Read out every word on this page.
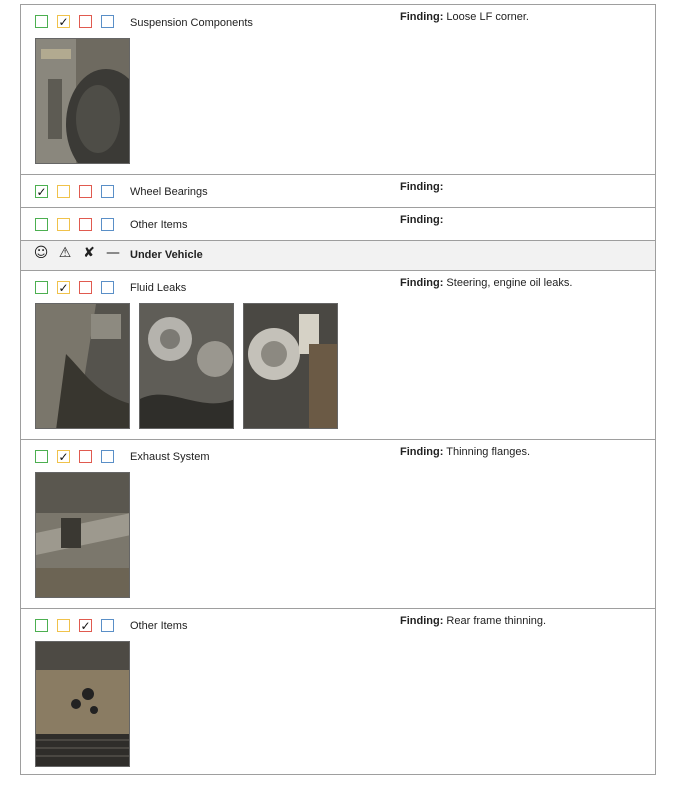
✓	Suspension Components	Finding: Loose LF corner.
✓	Wheel Bearings	Finding:
Other Items	Finding:
☺ ⚠ ✘ — Under Vehicle
✓	Fluid Leaks	Finding: Steering, engine oil leaks.
✓	Exhaust System	Finding: Thinning flanges.
✓	Other Items	Finding: Rear frame thinning.
